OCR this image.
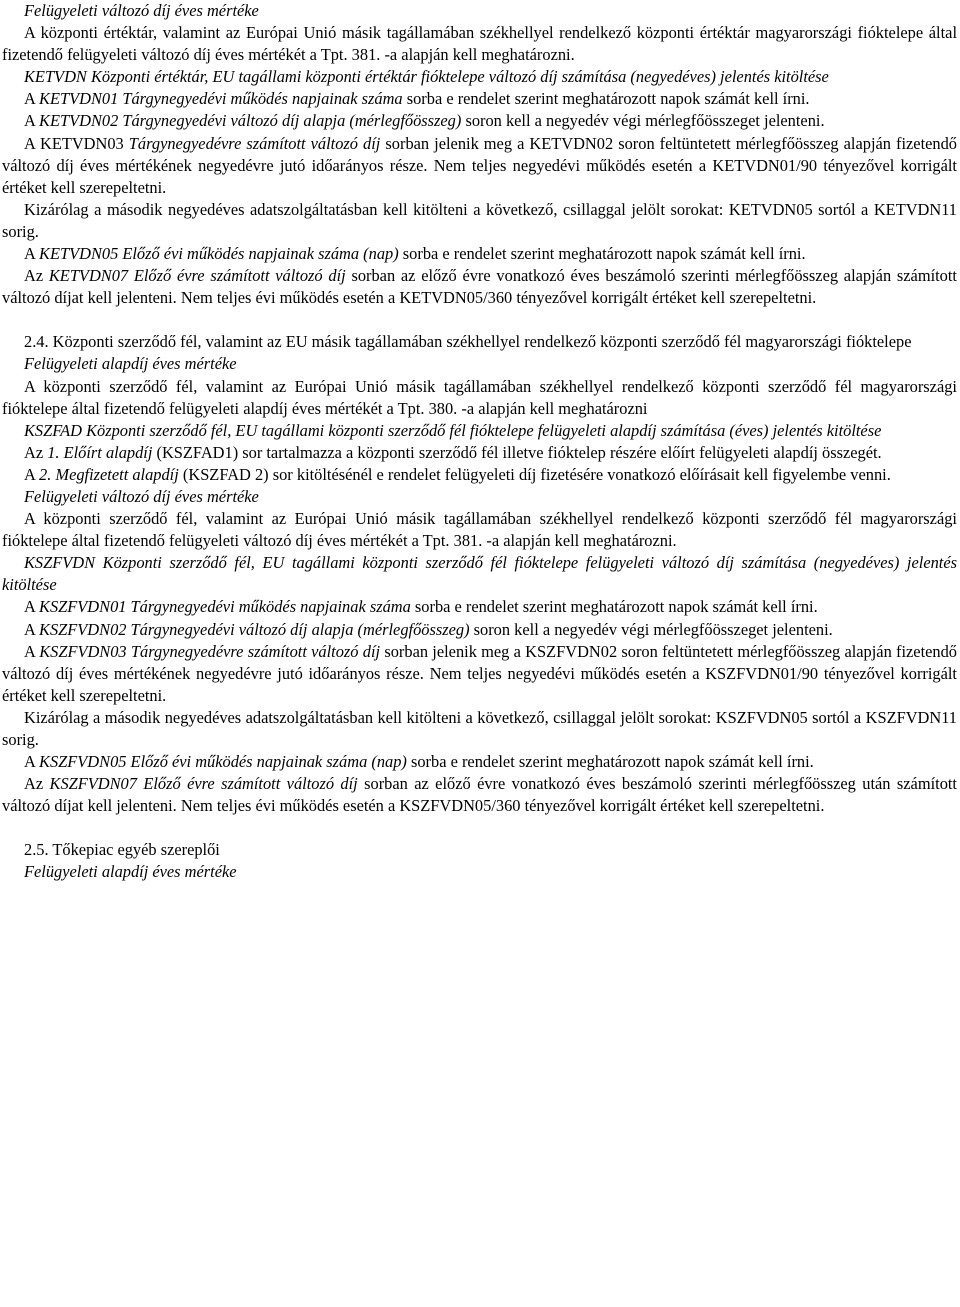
Felügyeleti változó díj éves mértéke

A központi értéktár, valamint az Európai Unió másik tagállamában székhellyel rendelkező központi értéktár magyarországi fióktelepe által fizetendő felügyeleti változó díj éves mértékét a Tpt. 381. -a alapján kell meghatározni.

KETVDN Központi értéktár, EU tagállami központi értéktár fióktelepe változó díj számítása (negyedéves) jelentés kitöltése

A KETVDN01 Tárgynegyedévi működés napjainak száma sorba e rendelet szerint meghatározott napok számát kell írni.

A KETVDN02 Tárgynegyedévi változó díj alapja (mérlegfőösszeg) soron kell a negyedév végi mérlegfőösszeget jelenteni.

A KETVDN03 Tárgynegyedévre számított változó díj sorban jelenik meg a KETVDN02 soron feltüntetett mérlegfőösszeg alapján fizetendő változó díj éves mértékének negyedévre jutó időarányos része. Nem teljes negyedévi működés esetén a KETVDN01/90 tényezővel korrigált értéket kell szerepeltetni.

Kizárólag a második negyedéves adatszolgáltatásban kell kitölteni a következő, csillaggal jelölt sorokat: KETVDN05 sortól a KETVDN11 sorig.

A KETVDN05 Előző évi működés napjainak száma (nap) sorba e rendelet szerint meghatározott napok számát kell írni.

Az KETVDN07 Előző évre számított változó díj sorban az előző évre vonatkozó éves beszámoló szerinti mérlegfőösszeg alapján számított változó díjat kell jelenteni. Nem teljes évi működés esetén a KETVDN05/360 tényezővel korrigált értéket kell szerepeltetni.

2.4. Központi szerződő fél, valamint az EU másik tagállamában székhellyel rendelkező központi szerződő fél magyarországi fióktelepe

Felügyeleti alapdíj éves mértéke

A központi szerződő fél, valamint az Európai Unió másik tagállamában székhellyel rendelkező központi szerződő fél magyarországi fióktelepe által fizetendő felügyeleti alapdíj éves mértékét a Tpt. 380. -a alapján kell meghatározni

KSZFAD Központi szerződő fél, EU tagállami központi szerződő fél fióktelepe felügyeleti alapdíj számítása (éves) jelentés kitöltése

Az 1. Előírt alapdíj (KSZFAD1) sor tartalmazza a központi szerződő fél illetve fióktelep részére előírt felügyeleti alapdíj összegét.

A 2. Megfizetett alapdíj (KSZFAD 2) sor kitöltésénél e rendelet felügyeleti díj fizetésére vonatkozó előírásait kell figyelembe venni.

Felügyeleti változó díj éves mértéke

A központi szerződő fél, valamint az Európai Unió másik tagállamában székhellyel rendelkező központi szerződő fél magyarországi fióktelepe által fizetendő felügyeleti változó díj éves mértékét a Tpt. 381. -a alapján kell meghatározni.

KSZFVDN Központi szerződő fél, EU tagállami központi szerződő fél fióktelepe felügyeleti változó díj számítása (negyedéves) jelentés kitöltése

A KSZFVDN01 Tárgynegyedévi működés napjainak száma sorba e rendelet szerint meghatározott napok számát kell írni.

A KSZFVDN02 Tárgynegyedévi változó díj alapja (mérlegfőösszeg) soron kell a negyedév végi mérlegfőösszeget jelenteni.

A KSZFVDN03 Tárgynegyedévre számított változó díj sorban jelenik meg a KSZFVDN02 soron feltüntetett mérlegfőösszeg alapján fizetendő változó díj éves mértékének negyedévre jutó időarányos része. Nem teljes negyedévi működés esetén a KSZFVDN01/90 tényezővel korrigált értéket kell szerepeltetni.

Kizárólag a második negyedéves adatszolgáltatásban kell kitölteni a következő, csillaggal jelölt sorokat: KSZFVDN05 sortól a KSZFVDN11 sorig.

A KSZFVDN05 Előző évi működés napjainak száma (nap) sorba e rendelet szerint meghatározott napok számát kell írni.

Az KSZFVDN07 Előző évre számított változó díj sorban az előző évre vonatkozó éves beszámoló szerinti mérlegfőösszeg után számított változó díjat kell jelenteni. Nem teljes évi működés esetén a KSZFVDN05/360 tényezővel korrigált értéket kell szerepeltetni.

2.5. Tőkepiac egyéb szereplői

Felügyeleti alapdíj éves mértéke
